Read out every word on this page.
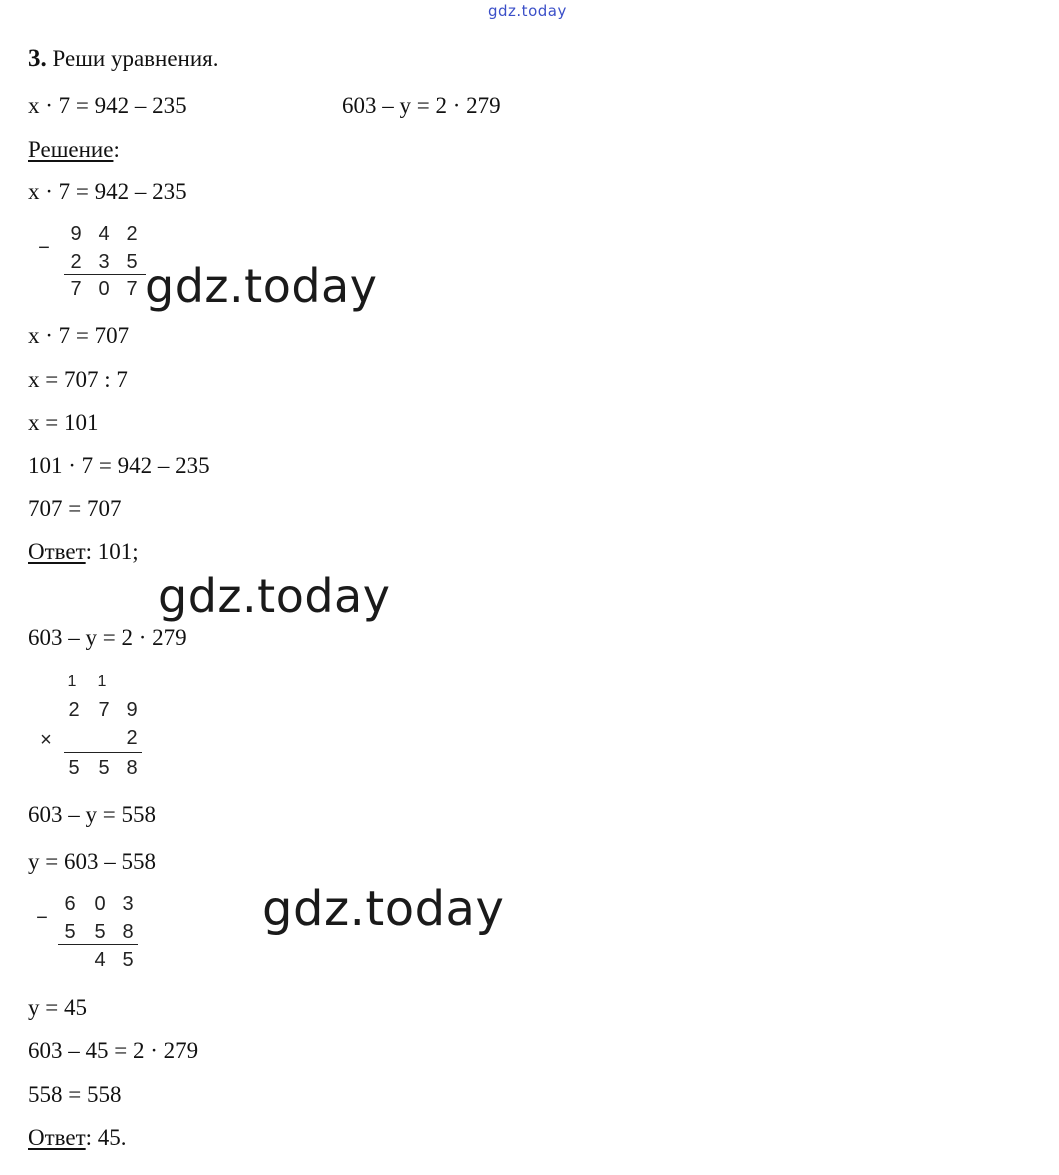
gdz.today
3. Реши уравнения.
x · 7 = 942 – 235	603 – y = 2 · 279
Решение:
x · 7 = 942 – 235
9 4 2
−
2 3 5
7 0 7 gdz.today
x · 7 = 707
x = 707 : 7
x = 101
101 · 7 = 942 – 235
707 = 707
Ответ: 101;
gdz.today
603 – y = 2 · 279
1	1
2 7 9
×	2
5 5 8
603 – y = 558
y = 603 – 558
6 0 3
−
5 5 8
4 5
gdz.today
y = 45
603 – 45 = 2 · 279
558 = 558
Ответ: 45.
